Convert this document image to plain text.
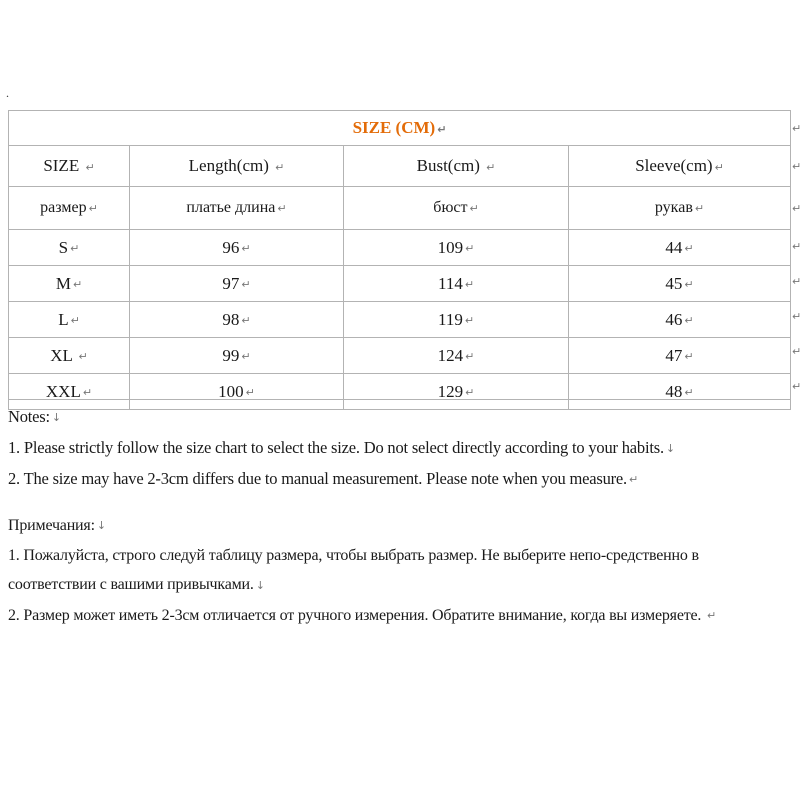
.
SIZE (CM) ↵			
SIZE ↵	Length(cm) ↵	Bust(cm) ↵	Sleeve(cm) ↵
размер ↵	платье длина ↵	бюст ↵	рукав ↵
S ↵	96 ↵	109 ↵	44 ↵
M ↵	97 ↵	114 ↵	45 ↵
L ↵	98 ↵	119 ↵	46 ↵
XL ↵	99 ↵	124 ↵	47 ↵
XXL ↵	100 ↵	129 ↵	48 ↵
↵
↵
↵
↵
↵
↵
↵
↵

Notes: ↓

1. Please strictly follow the size chart to select the size. Do not select directly according to your habits. ↓

2. The size may have 2-3cm differs due to manual measurement. Please note when you measure. ↵

Примечания: ↓

1. Пожалуйста, строго следуй таблицу размера, чтобы выбрать размер. Не выберите непо-средственно в соответствии с вашими привычками. ↓

2. Размер может иметь 2-3см отличается от ручного измерения. Обратите внимание, когда вы измеряете. ↵
